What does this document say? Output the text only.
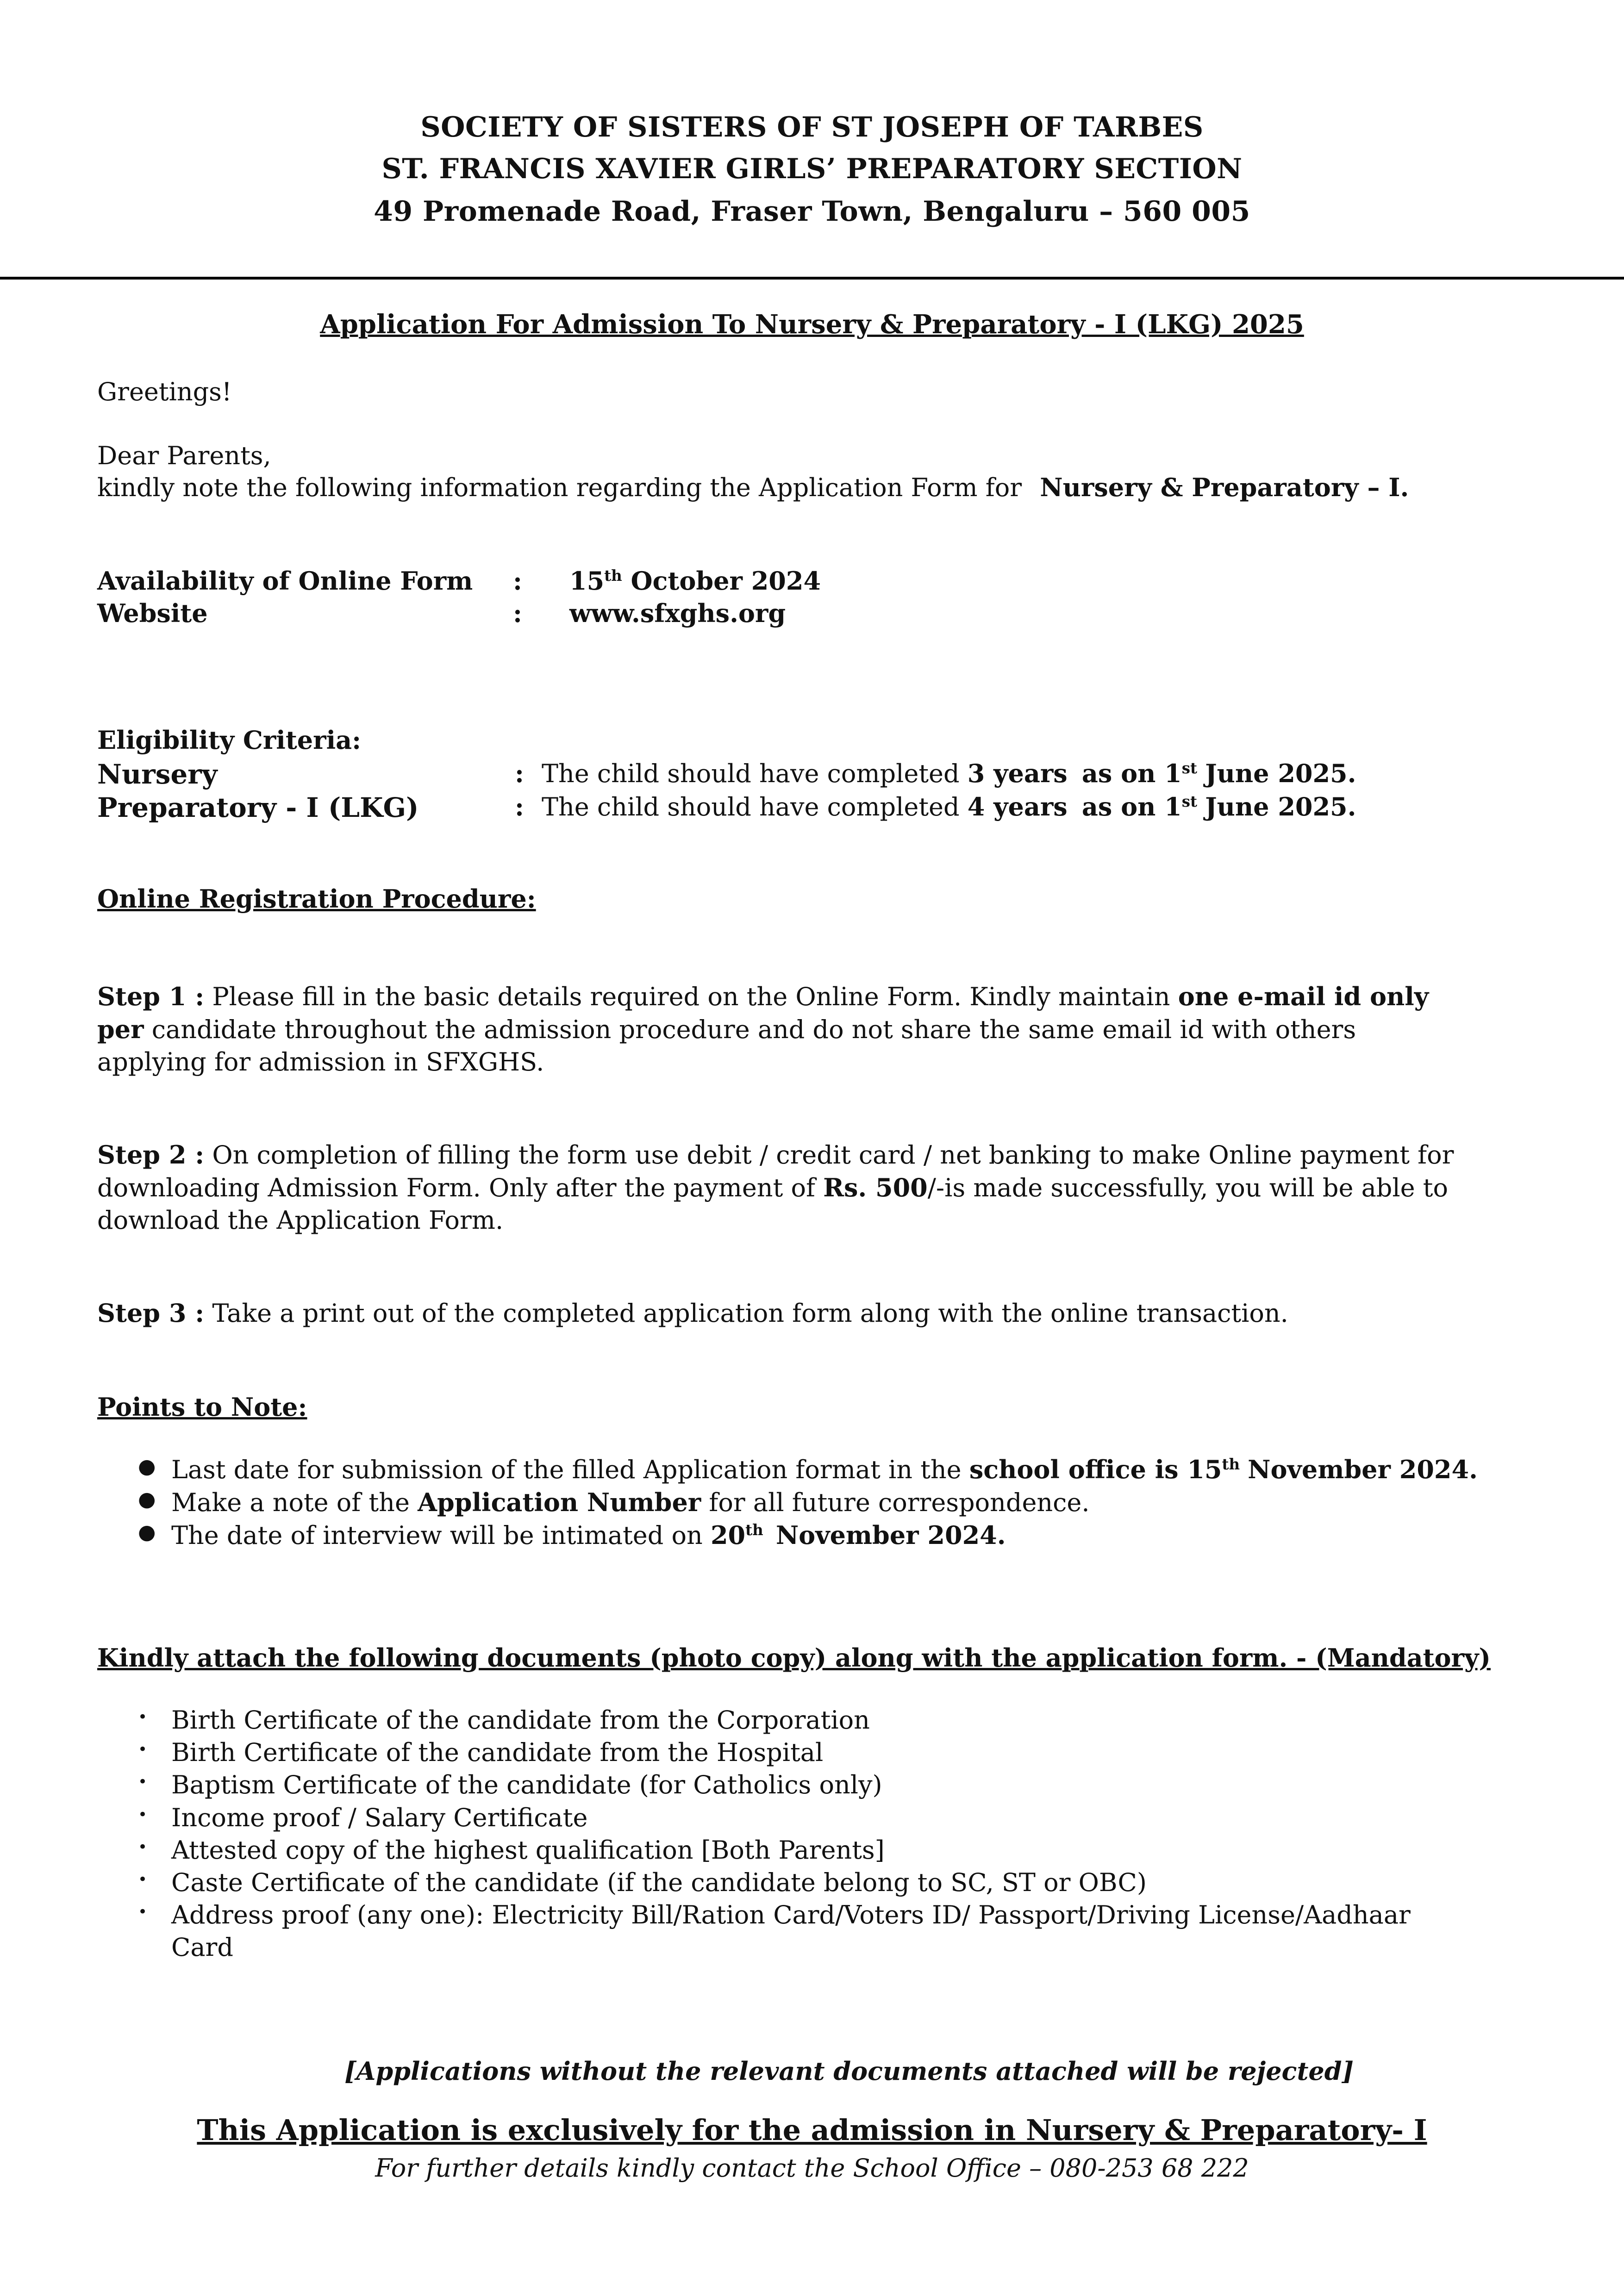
SOCIETY OF SISTERS OF ST JOSEPH OF TARBES
ST. FRANCIS XAVIER GIRLS’ PREPARATORY SECTION
49 Promenade Road, Fraser Town, Bengaluru – 560 005
Application For Admission To Nursery & Preparatory - I (LKG) 2025
Greetings!
Dear Parents,
kindly note the following information regarding the Application Form for Nursery & Preparatory – I.
Availability of Online Form : 15th October 2024
Website	: www.sfxghs.org
Eligibility Criteria:
Nursery	: The child should have completed 3 years as on 1st June 2025.
Preparatory - I (LKG)	: The child should have completed 4 years as on 1st June 2025.
Online Registration Procedure:
Step 1 : Please fill in the basic details required on the Online Form. Kindly maintain one e-mail id only
per candidate throughout the admission procedure and do not share the same email id with others
applying for admission in SFXGHS.
Step 2 : On completion of filling the form use debit / credit card / net banking to make Online payment for
downloading Admission Form. Only after the payment of Rs. 500/-is made successfully, you will be able to
download the Application Form.
Step 3 : Take a print out of the completed application form along with the online transaction.
Points to Note:
● Last date for submission of the filled Application format in the school office is 15th November 2024.
● Make a note of the Application Number for all future correspondence.
● The date of interview will be intimated on 20th November 2024.
Kindly attach the following documents (photo copy) along with the application form. - (Mandatory)
• Birth Certificate of the candidate from the Corporation
• Birth Certificate of the candidate from the Hospital
• Baptism Certificate of the candidate (for Catholics only)
• Income proof / Salary Certificate
• Attested copy of the highest qualification [Both Parents]
• Caste Certificate of the candidate (if the candidate belong to SC, ST or OBC)
• Address proof (any one): Electricity Bill/Ration Card/Voters ID/ Passport/Driving License/Aadhaar
Card
[Applications without the relevant documents attached will be rejected]
This Application is exclusively for the admission in Nursery & Preparatory- I
For further details kindly contact the School Office – 080-253 68 222
